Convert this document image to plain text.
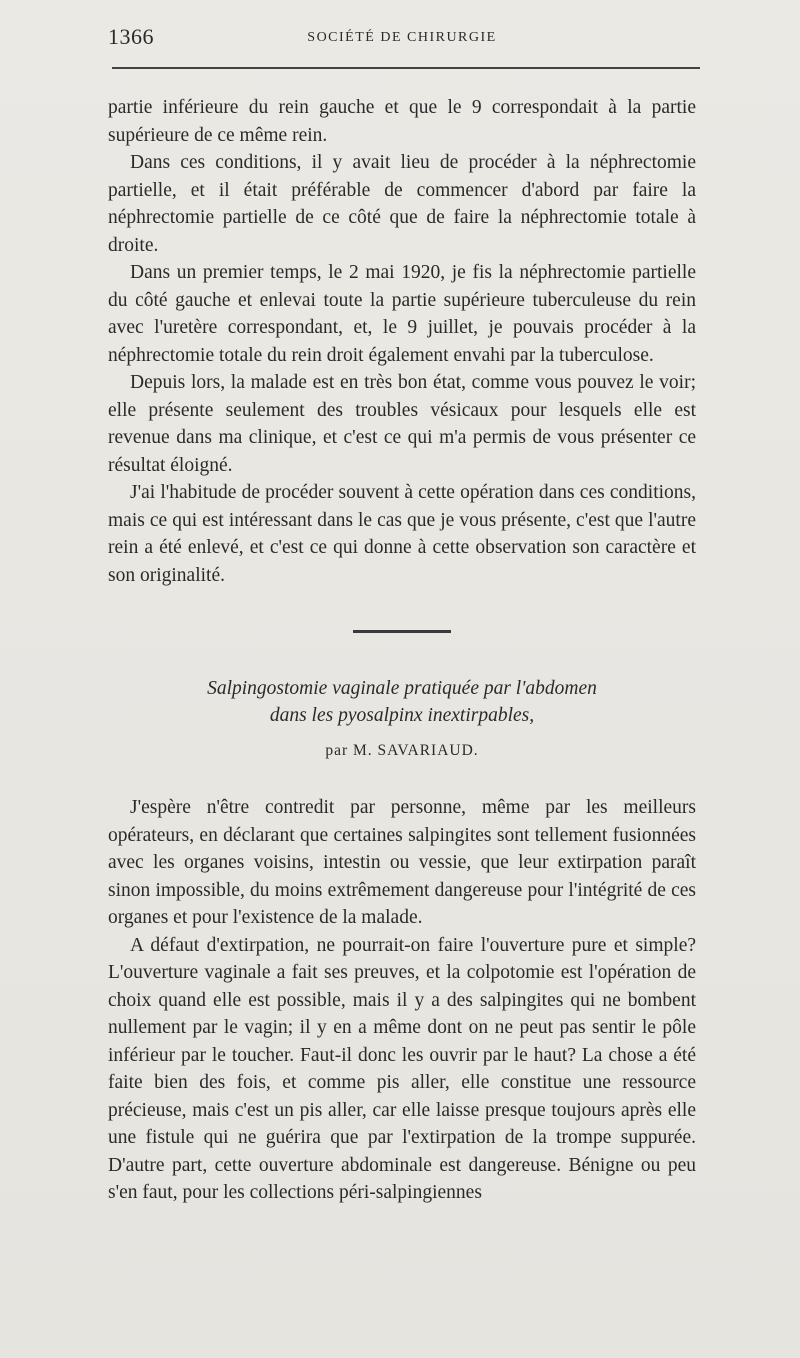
1366	SOCIÉTÉ DE CHIRURGIE

partie inférieure du rein gauche et que le 9 correspondait à la partie supérieure de ce même rein.

Dans ces conditions, il y avait lieu de procéder à la néphrectomie partielle, et il était préférable de commencer d'abord par faire la néphrectomie partielle de ce côté que de faire la néphrectomie totale à droite.

Dans un premier temps, le 2 mai 1920, je fis la néphrectomie partielle du côté gauche et enlevai toute la partie supérieure tuberculeuse du rein avec l'uretère correspondant, et, le 9 juillet, je pouvais procéder à la néphrectomie totale du rein droit également envahi par la tuberculose.

Depuis lors, la malade est en très bon état, comme vous pouvez le voir; elle présente seulement des troubles vésicaux pour lesquels elle est revenue dans ma clinique, et c'est ce qui m'a permis de vous présenter ce résultat éloigné.

J'ai l'habitude de procéder souvent à cette opération dans ces conditions, mais ce qui est intéressant dans le cas que je vous présente, c'est que l'autre rein a été enlevé, et c'est ce qui donne à cette observation son caractère et son originalité.

Salpingostomie vaginale pratiquée par l'abdomen
dans les pyosalpinx inextirpables,
par M. SAVARIAUD.

J'espère n'être contredit par personne, même par les meilleurs opérateurs, en déclarant que certaines salpingites sont tellement fusionnées avec les organes voisins, intestin ou vessie, que leur extirpation paraît sinon impossible, du moins extrêmement dangereuse pour l'intégrité de ces organes et pour l'existence de la malade.

A défaut d'extirpation, ne pourrait-on faire l'ouverture pure et simple? L'ouverture vaginale a fait ses preuves, et la colpotomie est l'opération de choix quand elle est possible, mais il y a des salpingites qui ne bombent nullement par le vagin; il y en a même dont on ne peut pas sentir le pôle inférieur par le toucher. Faut-il donc les ouvrir par le haut? La chose a été faite bien des fois, et comme pis aller, elle constitue une ressource précieuse, mais c'est un pis aller, car elle laisse presque toujours après elle une fistule qui ne guérira que par l'extirpation de la trompe suppurée. D'autre part, cette ouverture abdominale est dangereuse. Bénigne ou peu s'en faut, pour les collections péri-salpingiennes
